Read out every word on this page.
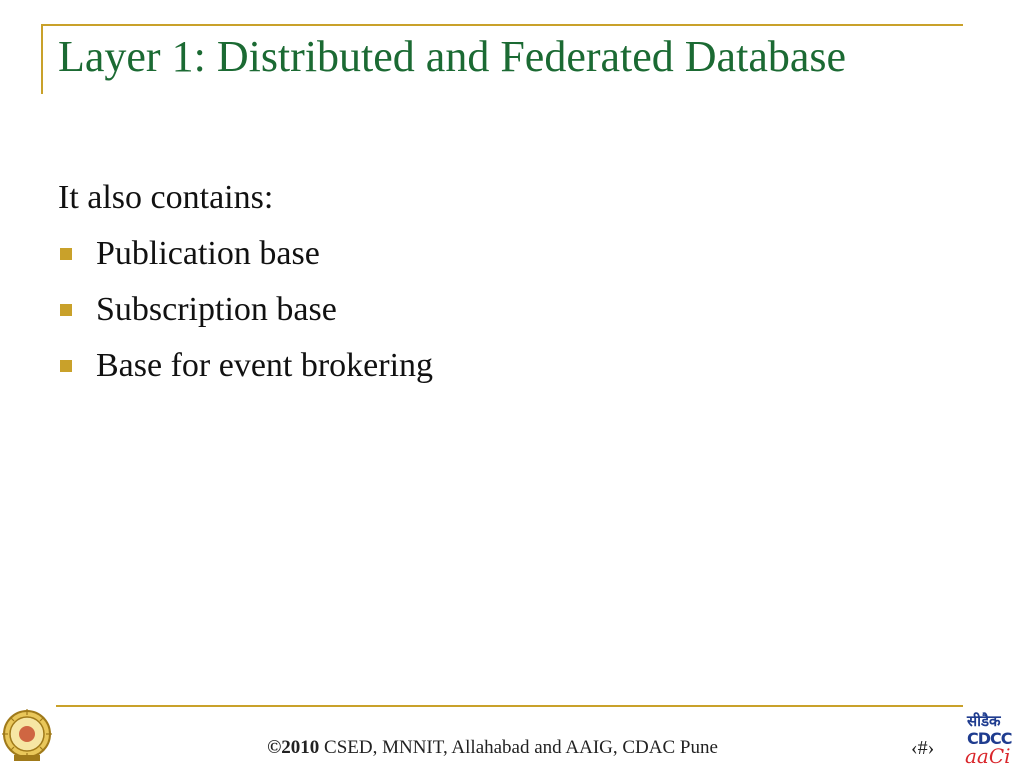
Layer 1: Distributed and Federated Database

It also contains:

Publication base
Subscription base
Base for event brokering
©2010 CSED, MNNIT, Allahabad and AAIG, CDAC Pune	‹#›
सीडैक
CDCC
aaCi
